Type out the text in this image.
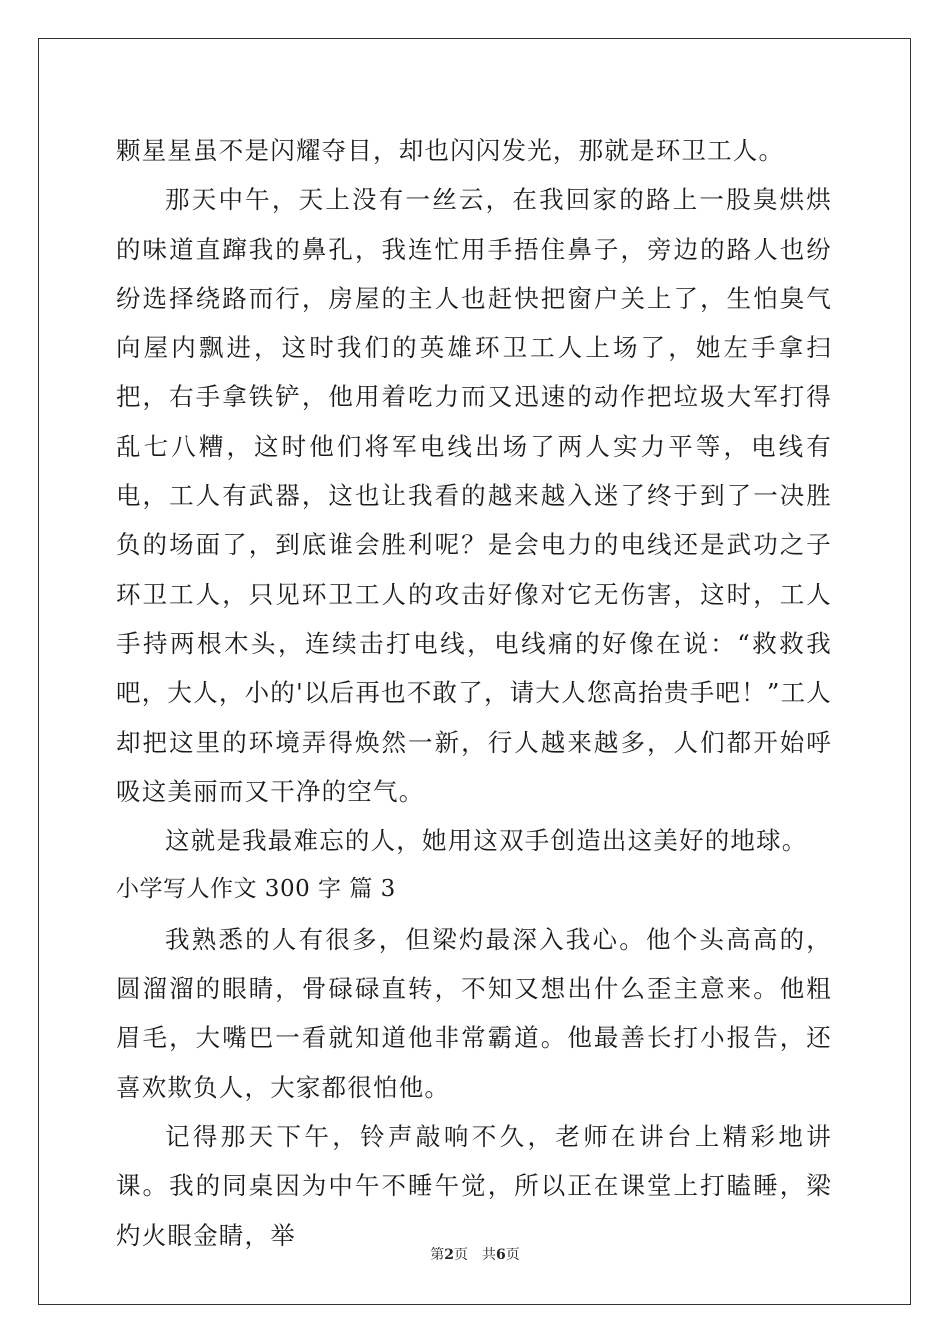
颗星星虽不是闪耀夺目，却也闪闪发光，那就是环卫工人。

那天中午，天上没有一丝云，在我回家的路上一股臭烘烘的味道直蹿我的鼻孔，我连忙用手捂住鼻子，旁边的路人也纷纷选择绕路而行，房屋的主人也赶快把窗户关上了，生怕臭气向屋内飘进，这时我们的英雄环卫工人上场了，她左手拿扫把，右手拿铁铲，他用着吃力而又迅速的动作把垃圾大军打得乱七八糟，这时他们将军电线出场了两人实力平等，电线有电，工人有武器，这也让我看的越来越入迷了终于到了一决胜负的场面了，到底谁会胜利呢？是会电力的电线还是武功之子环卫工人，只见环卫工人的攻击好像对它无伤害，这时，工人手持两根木头，连续击打电线，电线痛的好像在说：“救救我吧，大人，小的'以后再也不敢了，请大人您高抬贵手吧！”工人却把这里的环境弄得焕然一新，行人越来越多，人们都开始呼吸这美丽而又干净的空气。

这就是我最难忘的人，她用这双手创造出这美好的地球。

小学写人作文 300 字 篇 3

我熟悉的人有很多，但梁灼最深入我心。他个头高高的，圆溜溜的眼睛，骨碌碌直转，不知又想出什么歪主意来。他粗眉毛，大嘴巴一看就知道他非常霸道。他最善长打小报告，还喜欢欺负人，大家都很怕他。

记得那天下午，铃声敲响不久，老师在讲台上精彩地讲课。我的同桌因为中午不睡午觉，所以正在课堂上打瞌睡，梁灼火眼金睛，举

第2页 共6页
